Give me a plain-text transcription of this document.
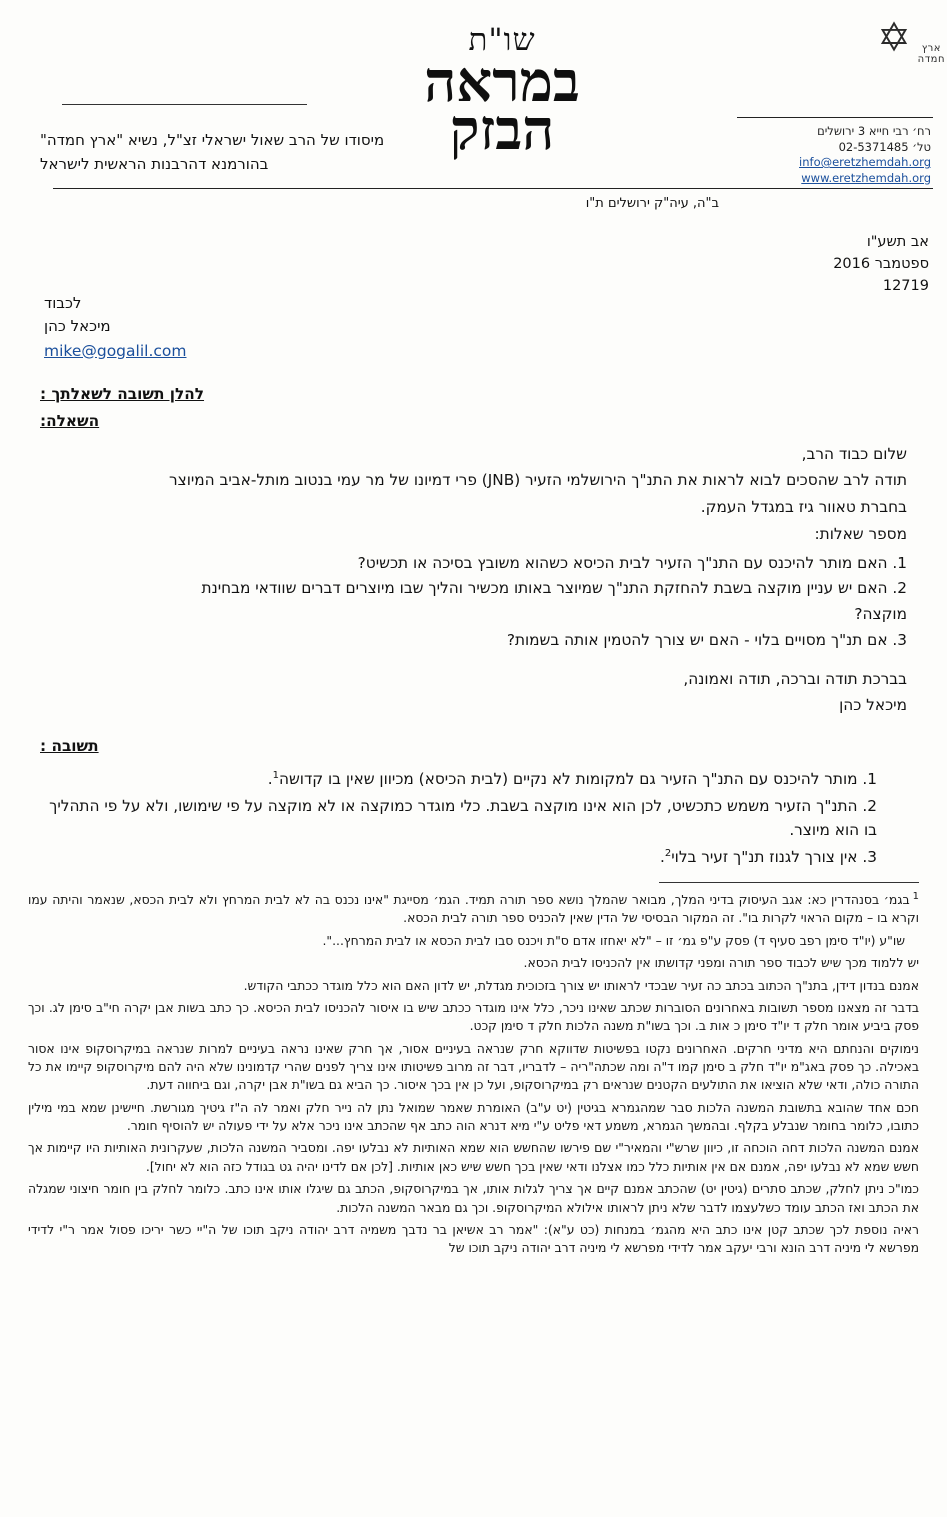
✡	ארץ
חמדה
רח׳ רבי חייא 3 ירושלים
טל׳ 02-5371485
info@eretzhemdah.org
www.eretzhemdah.org
שו"ת
במראה
הבזק
מיסודו של הרב שאול ישראלי זצ"ל, נשיא "ארץ חמדה"
בהורמנא דהרבנות הראשית לישראל
ב"ה, עיה"ק ירושלים ת"ו
אב תשע"ו
ספטמבר 2016
12719
לכבוד
מיכאל כהן
mike@gogalil.com
להלן תשובה לשאלתך :
השאלה:
שלום כבוד הרב,
תודה לרב שהסכים לבוא לראות את התנ"ך הירושלמי הזעיר (JNB) פרי דמיונו של מר עמי בנטוב מותל-אביב המיוצר
בחברת טאוור גיז במגדל העמק.
מספר שאלות:
1. האם מותר להיכנס עם התנ"ך הזעיר לבית הכיסא כשהוא משובץ בסיכה או תכשיט?
2. האם יש עניין מוקצה בשבת להחזקת התנ"ך שמיוצר באותו מכשיר והליך שבו מיוצרים דברים שוודאי מבחינת
מוקצה?
3. אם תנ"ך מסויים בלוי - האם יש צורך להטמין אותה בשמות?
בברכת תודה וברכה, תודה ואמונה,
מיכאל כהן
תשובה :
1. מותר להיכנס עם התנ"ך הזעיר גם למקומות לא נקיים (לבית הכיסא) מכיוון שאין בו קדושה$^1$.
2. התנ"ך הזעיר משמש כתכשיט, לכן הוא אינו מוקצה בשבת. כלי מוגדר כמוקצה או לא מוקצה על פי שימושו, ולא על פי התהליך בו הוא מיוצר.
3. אין צורך לגנוז תנ"ך זעיר בלוי$^2$.

$^1$בגמ׳ בסנהדרין כא: אגב העיסוק בדיני המלך, מבואר שהמלך נושא ספר תורה תמיד. הגמ׳ מסייגת "אינו נכנס בה לא לבית המרחץ ולא לבית הכסא, שנאמר והיתה עמו וקרא בו – מקום הראוי לקרות בו". זה המקור הבסיסי של הדין שאין להכניס ספר תורה לבית הכסא.

שו"ע (יו"ד סימן רפב סעיף ד) פסק ע"פ גמ׳ זו – "לא יאחזו אדם ס"ת ויכנס סבו לבית הכסא או לבית המרחץ...".

יש ללמוד מכך שיש לכבוד ספר תורה ומפני קדושתו אין להכניסו לבית הכסא.

אמנם בנדון דידן, בתנ"ך הכתוב בכתב כה זעיר שבכדי לראותו יש צורך בזכוכית מגדלת, יש לדון האם הוא כלל מוגדר ככתבי הקודש.

בדבר זה מצאנו מספר תשובות באחרונים הסוברות שכתב שאינו ניכר, כלל אינו מוגדר ככתב שיש בו איסור להכניסו לבית הכיסא. כך כתב בשות אבן יקרה חי"ב סימן לג. וכך פסק ביביע אומר חלק ד יו"ד סימן כ אות ב. וכך בשו"ת משנה הלכות חלק ד סימן קכט.

נימוקים והנחתם היא מדיני חרקים. האחרונים נקטו בפשיטות שדווקא חרק שנראה בעיניים אסור, אך חרק שאינו נראה בעיניים למרות שנראה במיקרוסקופ אינו אסור באכילה. כך פסק באג"מ יו"ד חלק ב סימן קמו ד"ה ומה שכתה"ריה – לדבריו, דבר זה מרוב פשיטותו אינו צריך לפנים שהרי קדמונינו שלא היה להם מיקרוסקופ קיימו את כל התורה כולה, ודאי שלא הוציאו את התולעים הקטנים שנראים רק במיקרוסקופ, ועל כן אין בכך איסור. כך הביא גם בשו"ת אבן יקרה, וגם ביחווה דעת.

חכם אחד שהובא בתשובת המשנה הלכות סבר שמהגמרא בגיטין (יט ע"ב) האומרת שאמר שמואל נתן לה נייר חלק ואמר לה ה"ז גיטיך מגורשת. חיישינן שמא במי מילין כתובו, כלומר בחומר שנבלע בקלף. ובהמשך הגמרא, משמע דאי פליט ע"י מיא דנרא הוה כתב אף שהכתב אינו ניכר אלא על ידי פעולה יש להוסיף חומר.

אמנם המשנה הלכות דחה הוכחה זו, כיוון שרש"י והמאיר"י שם פירשו שהחשש הוא שמא האותיות לא נבלעו יפה. ומסביר המשנה הלכות, שעקרונית האותיות היו קיימות אך חשש שמא לא נבלעו יפה, אמנם אם אין אותיות כלל כמו אצלנו ודאי שאין בכך חשש שיש כאן אותיות. [לכן אם לדינו יהיה גט בגודל כזה הוא לא יחול].

כמו"כ ניתן לחלק, שכתב סתרים (גיטין יט) שהכתב אמנם קיים אך צריך לגלות אותו, אך במיקרוסקופ, הכתב גם שיגלו אותו אינו כתב. כלומר לחלק בין חומר חיצוני שמגלה את הכתב ואז הכתב עומד כשלעצמו לדבר שלא ניתן לראותו אילולא המיקרוסקופ. וכך גם מבאר המשנה הלכות.

ראיה נוספת לכך שכתב קטן אינו כתב היא מהגמ׳ במנחות (כט ע"א): "אמר רב אשיאן בר נדבך משמיה דרב יהודה ניקב תוכו של ה"יי כשר יריכו פסול אמר ר"י לדידי מפרשא לי מיניה דרב הונא ורבי יעקב אמר לדידי מפרשא לי מיניה דרב יהודה ניקב תוכו של
